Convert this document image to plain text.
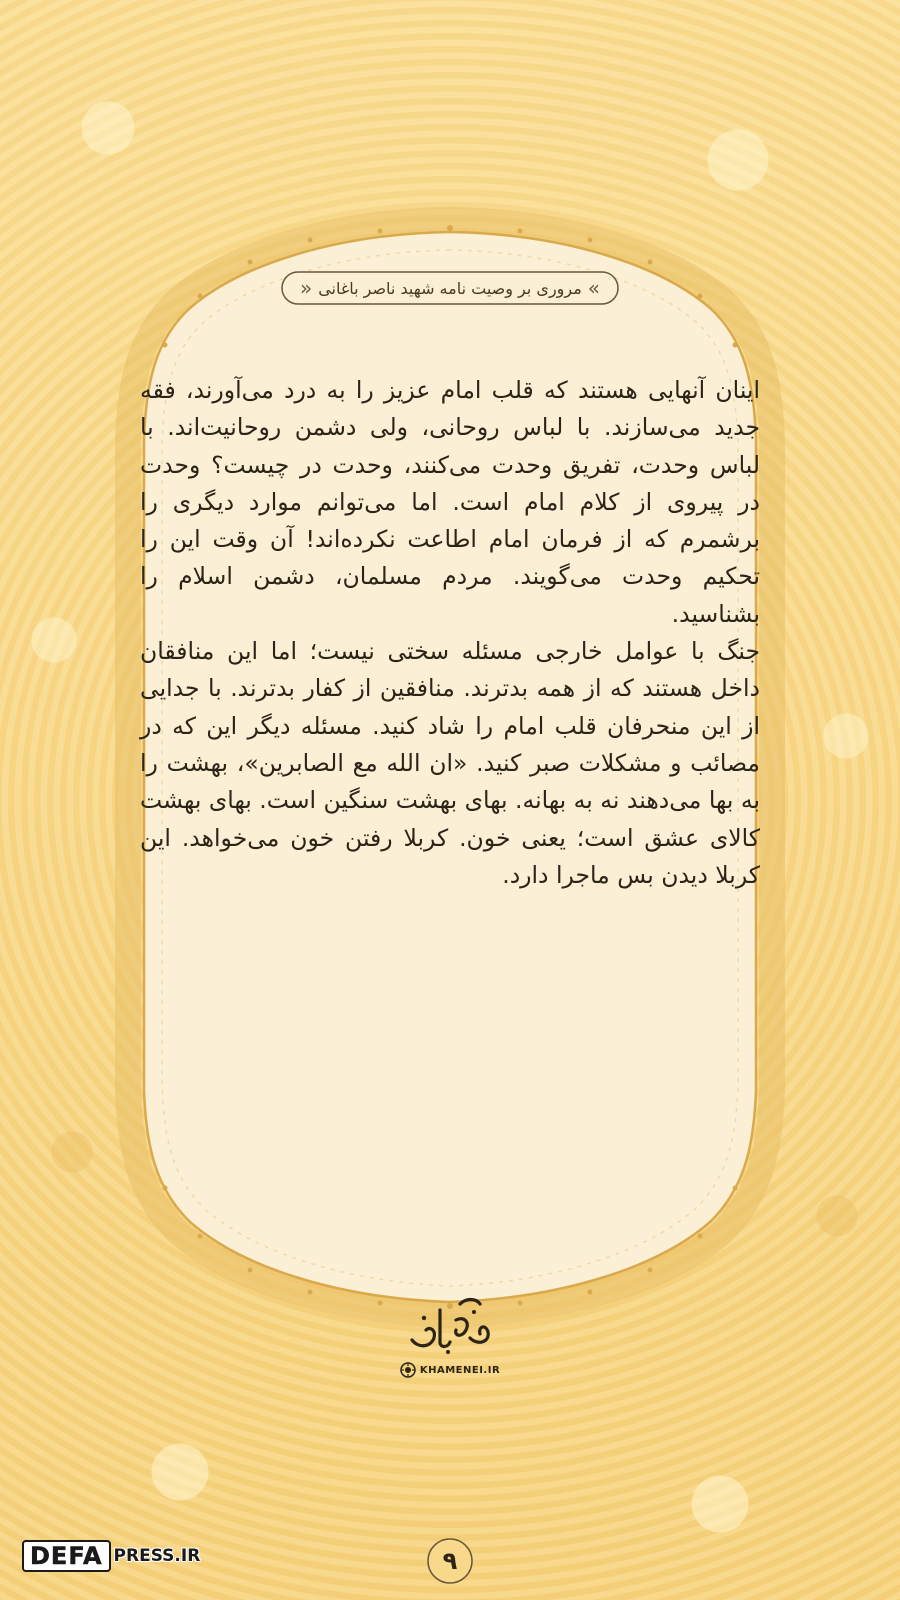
» مروری بر وصیت نامه شهید ناصر باغانی «

اینان آنهایی هستند که قلب امام عزیز را به درد می‌آورند، فقه جدید می‌سازند. با لباس روحانی، ولی دشمن روحانیت‌اند. با لباس وحدت، تفریق وحدت می‌کنند، وحدت در چیست؟ وحدت در پیروی از کلام امام است. اما می‌توانم موارد دیگری را برشمرم که از فرمان امام اطاعت نکرده‌اند! آن وقت این را تحکیم وحدت می‌گویند. مردم مسلمان، دشمن اسلام را بشناسید.

جنگ با عوامل خارجی مسئله سختی نیست؛ اما این منافقان داخل هستند که از همه بدترند. منافقین از کفار بدترند. با جدایی از این منحرفان قلب امام را شاد کنید. مسئله دیگر این که در مصائب و مشکلات صبر کنید. «ان الله مع الصابرین»، بهشت را به بها می‌دهند نه به بهانه. بهای بهشت سنگین است. بهای بهشت کالای عشق است؛ یعنی خون. کربلا رفتن خون می‌خواهد. این کربلا دیدن بس ماجرا دارد.

KHAMENEI.IR
۹
DEFA PRESS.IR
